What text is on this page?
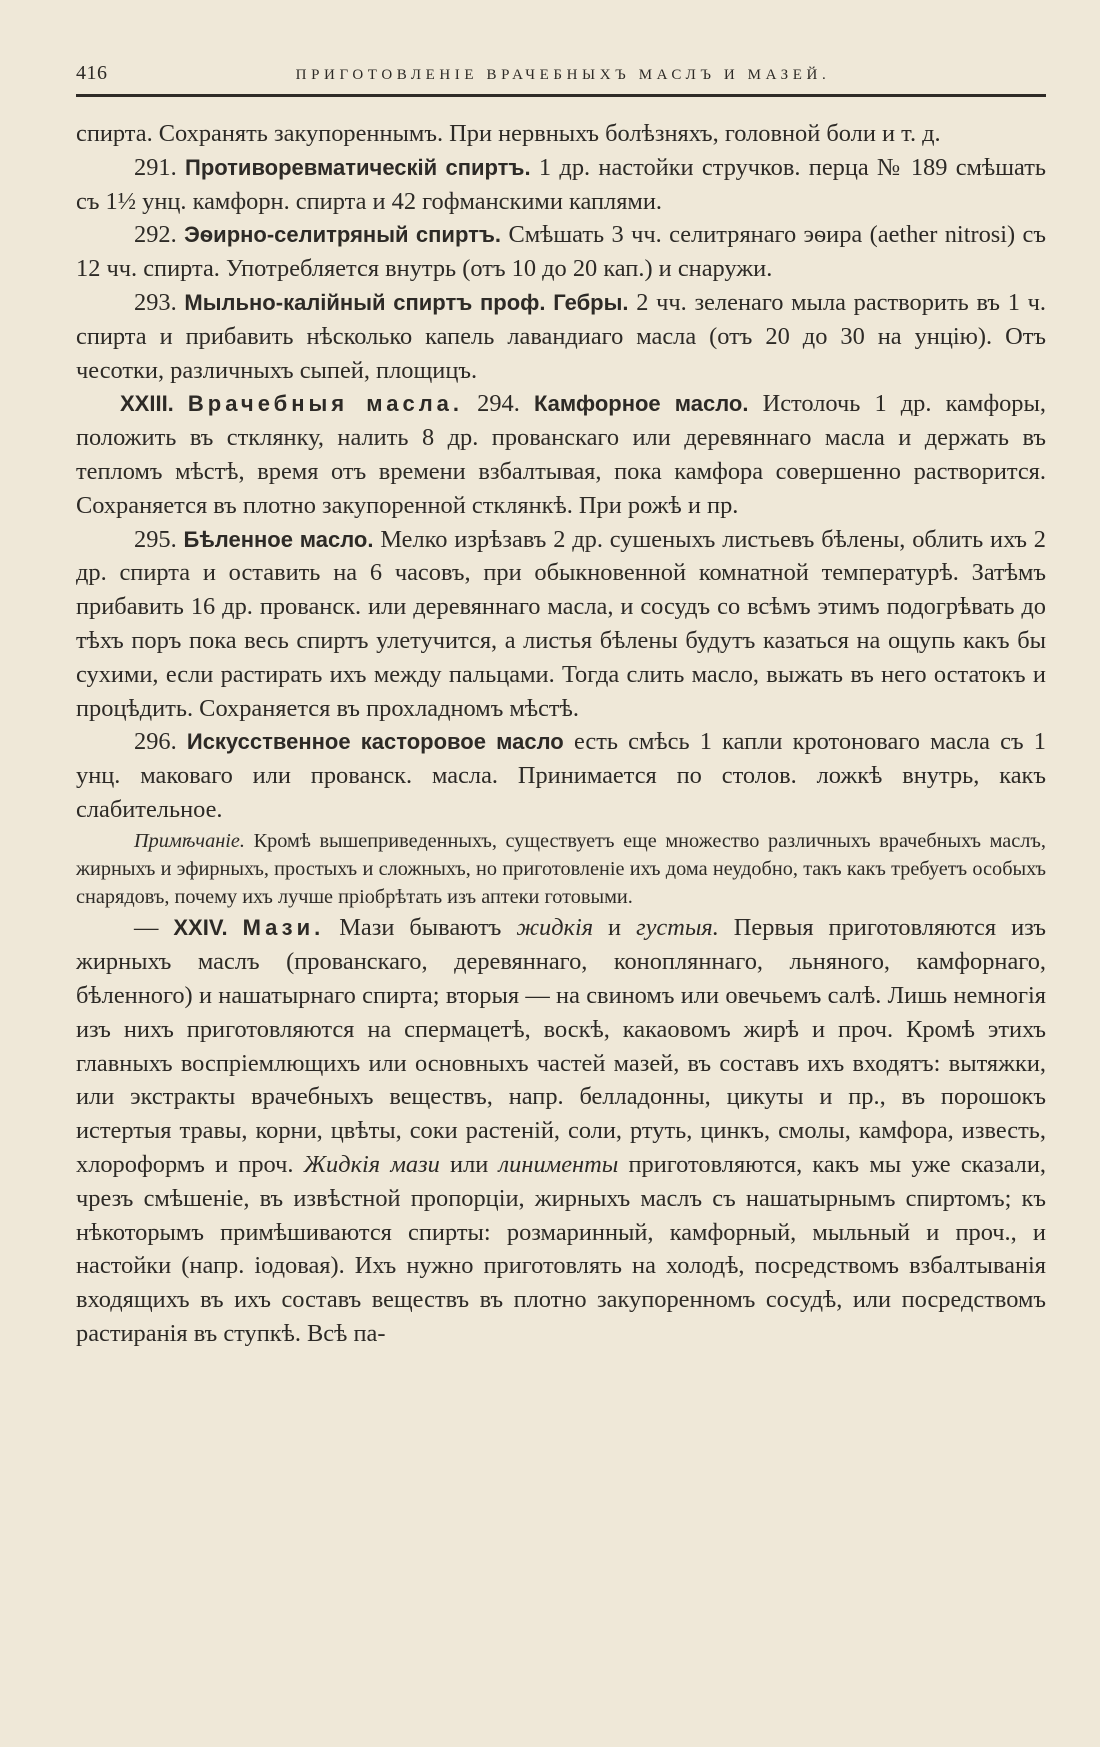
416	ПРИГОТОВЛЕНІЕ ВРАЧЕБНЫХЪ МАСЛЪ И МАЗЕЙ.

спирта. Сохранять закупореннымъ. При нервныхъ болѣзняхъ, головной боли и т. д.

291. Противоревматическій спиртъ. 1 др. настойки стручков. перца № 189 смѣшать съ 1½ унц. камфорн. спирта и 42 гофманскими каплями.

292. Эѳирно-селитряный спиртъ. Смѣшать 3 чч. селитрянаго эѳира (aether nitrosi) съ 12 чч. спирта. Употребляется внутрь (отъ 10 до 20 кап.) и снаружи.

293. Мыльно-калійный спиртъ проф. Гебры. 2 чч. зеленаго мыла растворить въ 1 ч. спирта и прибавить нѣсколько капель лавандиаго масла (отъ 20 до 30 на унцію). Отъ чесотки, различныхъ сыпей, площицъ.

XXIII. Врачебныя масла. 294. Камфорное масло. Истолочь 1 др. камфоры, положить въ стклянку, налить 8 др. прованскаго или деревяннаго масла и держать въ тепломъ мѣстѣ, время отъ времени взбалтывая, пока камфора совершенно растворится. Сохраняется въ плотно закупоренной стклянкѣ. При рожѣ и пр.

295. Бѣленное масло. Мелко изрѣзавъ 2 др. сушеныхъ листьевъ бѣлены, облить ихъ 2 др. спирта и оставить на 6 часовъ, при обыкновенной комнатной температурѣ. Затѣмъ прибавить 16 др. прованск. или деревяннаго масла, и сосудъ со всѣмъ этимъ подогрѣвать до тѣхъ поръ пока весь спиртъ улетучится, а листья бѣлены будутъ казаться на ощупь какъ бы сухими, если растирать ихъ между пальцами. Тогда слить масло, выжать въ него остатокъ и процѣдить. Сохраняется въ прохладномъ мѣстѣ.

296. Искусственное касторовое масло есть смѣсь 1 капли кротоноваго масла съ 1 унц. маковаго или прованск. масла. Принимается по столов. ложкѣ внутрь, какъ слабительное.

Примѣчаніе. Кромѣ вышеприведенныхъ, существуетъ еще множество различныхъ врачебныхъ маслъ, жирныхъ и эфирныхъ, простыхъ и сложныхъ, но приготовленіе ихъ дома неудобно, такъ какъ требуетъ особыхъ снарядовъ, почему ихъ лучше пріобрѣтать изъ аптеки готовыми.

— XXIV. Мази. Мази бываютъ жидкія и густыя. Первыя приготовляются изъ жирныхъ маслъ (прованскаго, деревяннаго, конопляннаго, льняного, камфорнаго, бѣленного) и нашатырнаго спирта; вторыя — на свиномъ или овечьемъ салѣ. Лишь немногія изъ нихъ приготовляются на спермацетѣ, воскѣ, какаовомъ жирѣ и проч. Кромѣ этихъ главныхъ воспріемлющихъ или основныхъ частей мазей, въ составъ ихъ входятъ: вытяжки, или экстракты врачебныхъ веществъ, напр. белладонны, цикуты и пр., въ порошокъ истертыя травы, корни, цвѣты, соки растеній, соли, ртуть, цинкъ, смолы, камфора, известь, хлороформъ и проч. Жидкія мази или линименты приготовляются, какъ мы уже сказали, чрезъ смѣшеніе, въ извѣстной пропорціи, жирныхъ маслъ съ нашатырнымъ спиртомъ; къ нѣкоторымъ примѣшиваются спирты: розмаринный, камфорный, мыльный и проч., и настойки (напр. іодовая). Ихъ нужно приготовлять на холодѣ, посредствомъ взбалтыванія входящихъ въ ихъ составъ веществъ въ плотно закупоренномъ сосудѣ, или посредствомъ растиранія въ ступкѣ. Всѣ па-
